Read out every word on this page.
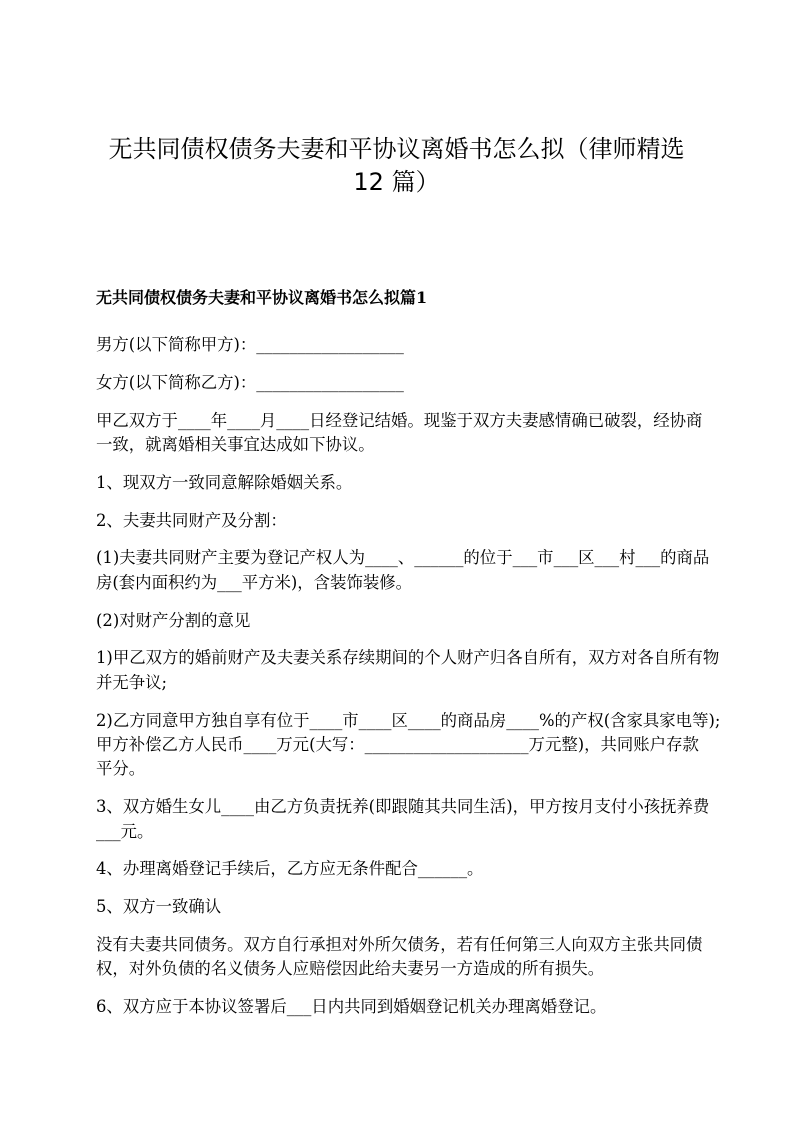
无共同债权债务夫妻和平协议离婚书怎么拟（律师精选
12 篇）
无共同债权债务夫妻和平协议离婚书怎么拟篇1
男方(以下简称甲方)：__________________
女方(以下简称乙方)：__________________
甲乙双方于____年____月____日经登记结婚。现鉴于双方夫妻感情确已破裂，经协商
一致，就离婚相关事宜达成如下协议。
1、现双方一致同意解除婚姻关系。
2、夫妻共同财产及分割：
(1)夫妻共同财产主要为登记产权人为____、______的位于___市___区___村___的商品
房(套内面积约为___平方米)，含装饰装修。
(2)对财产分割的意见
1)甲乙双方的婚前财产及夫妻关系存续期间的个人财产归各自所有，双方对各自所有物
并无争议;
2)乙方同意甲方独自享有位于____市____区____的商品房____%的产权(含家具家电等);
甲方补偿乙方人民币____万元(大写：____________________万元整)，共同账户存款
平分。
3、双方婚生女儿____由乙方负责抚养(即跟随其共同生活)，甲方按月支付小孩抚养费
___元。
4、办理离婚登记手续后，乙方应无条件配合______。
5、双方一致确认
没有夫妻共同债务。双方自行承担对外所欠债务，若有任何第三人向双方主张共同债
权，对外负债的名义债务人应赔偿因此给夫妻另一方造成的所有损失。
6、双方应于本协议签署后___日内共同到婚姻登记机关办理离婚登记。
